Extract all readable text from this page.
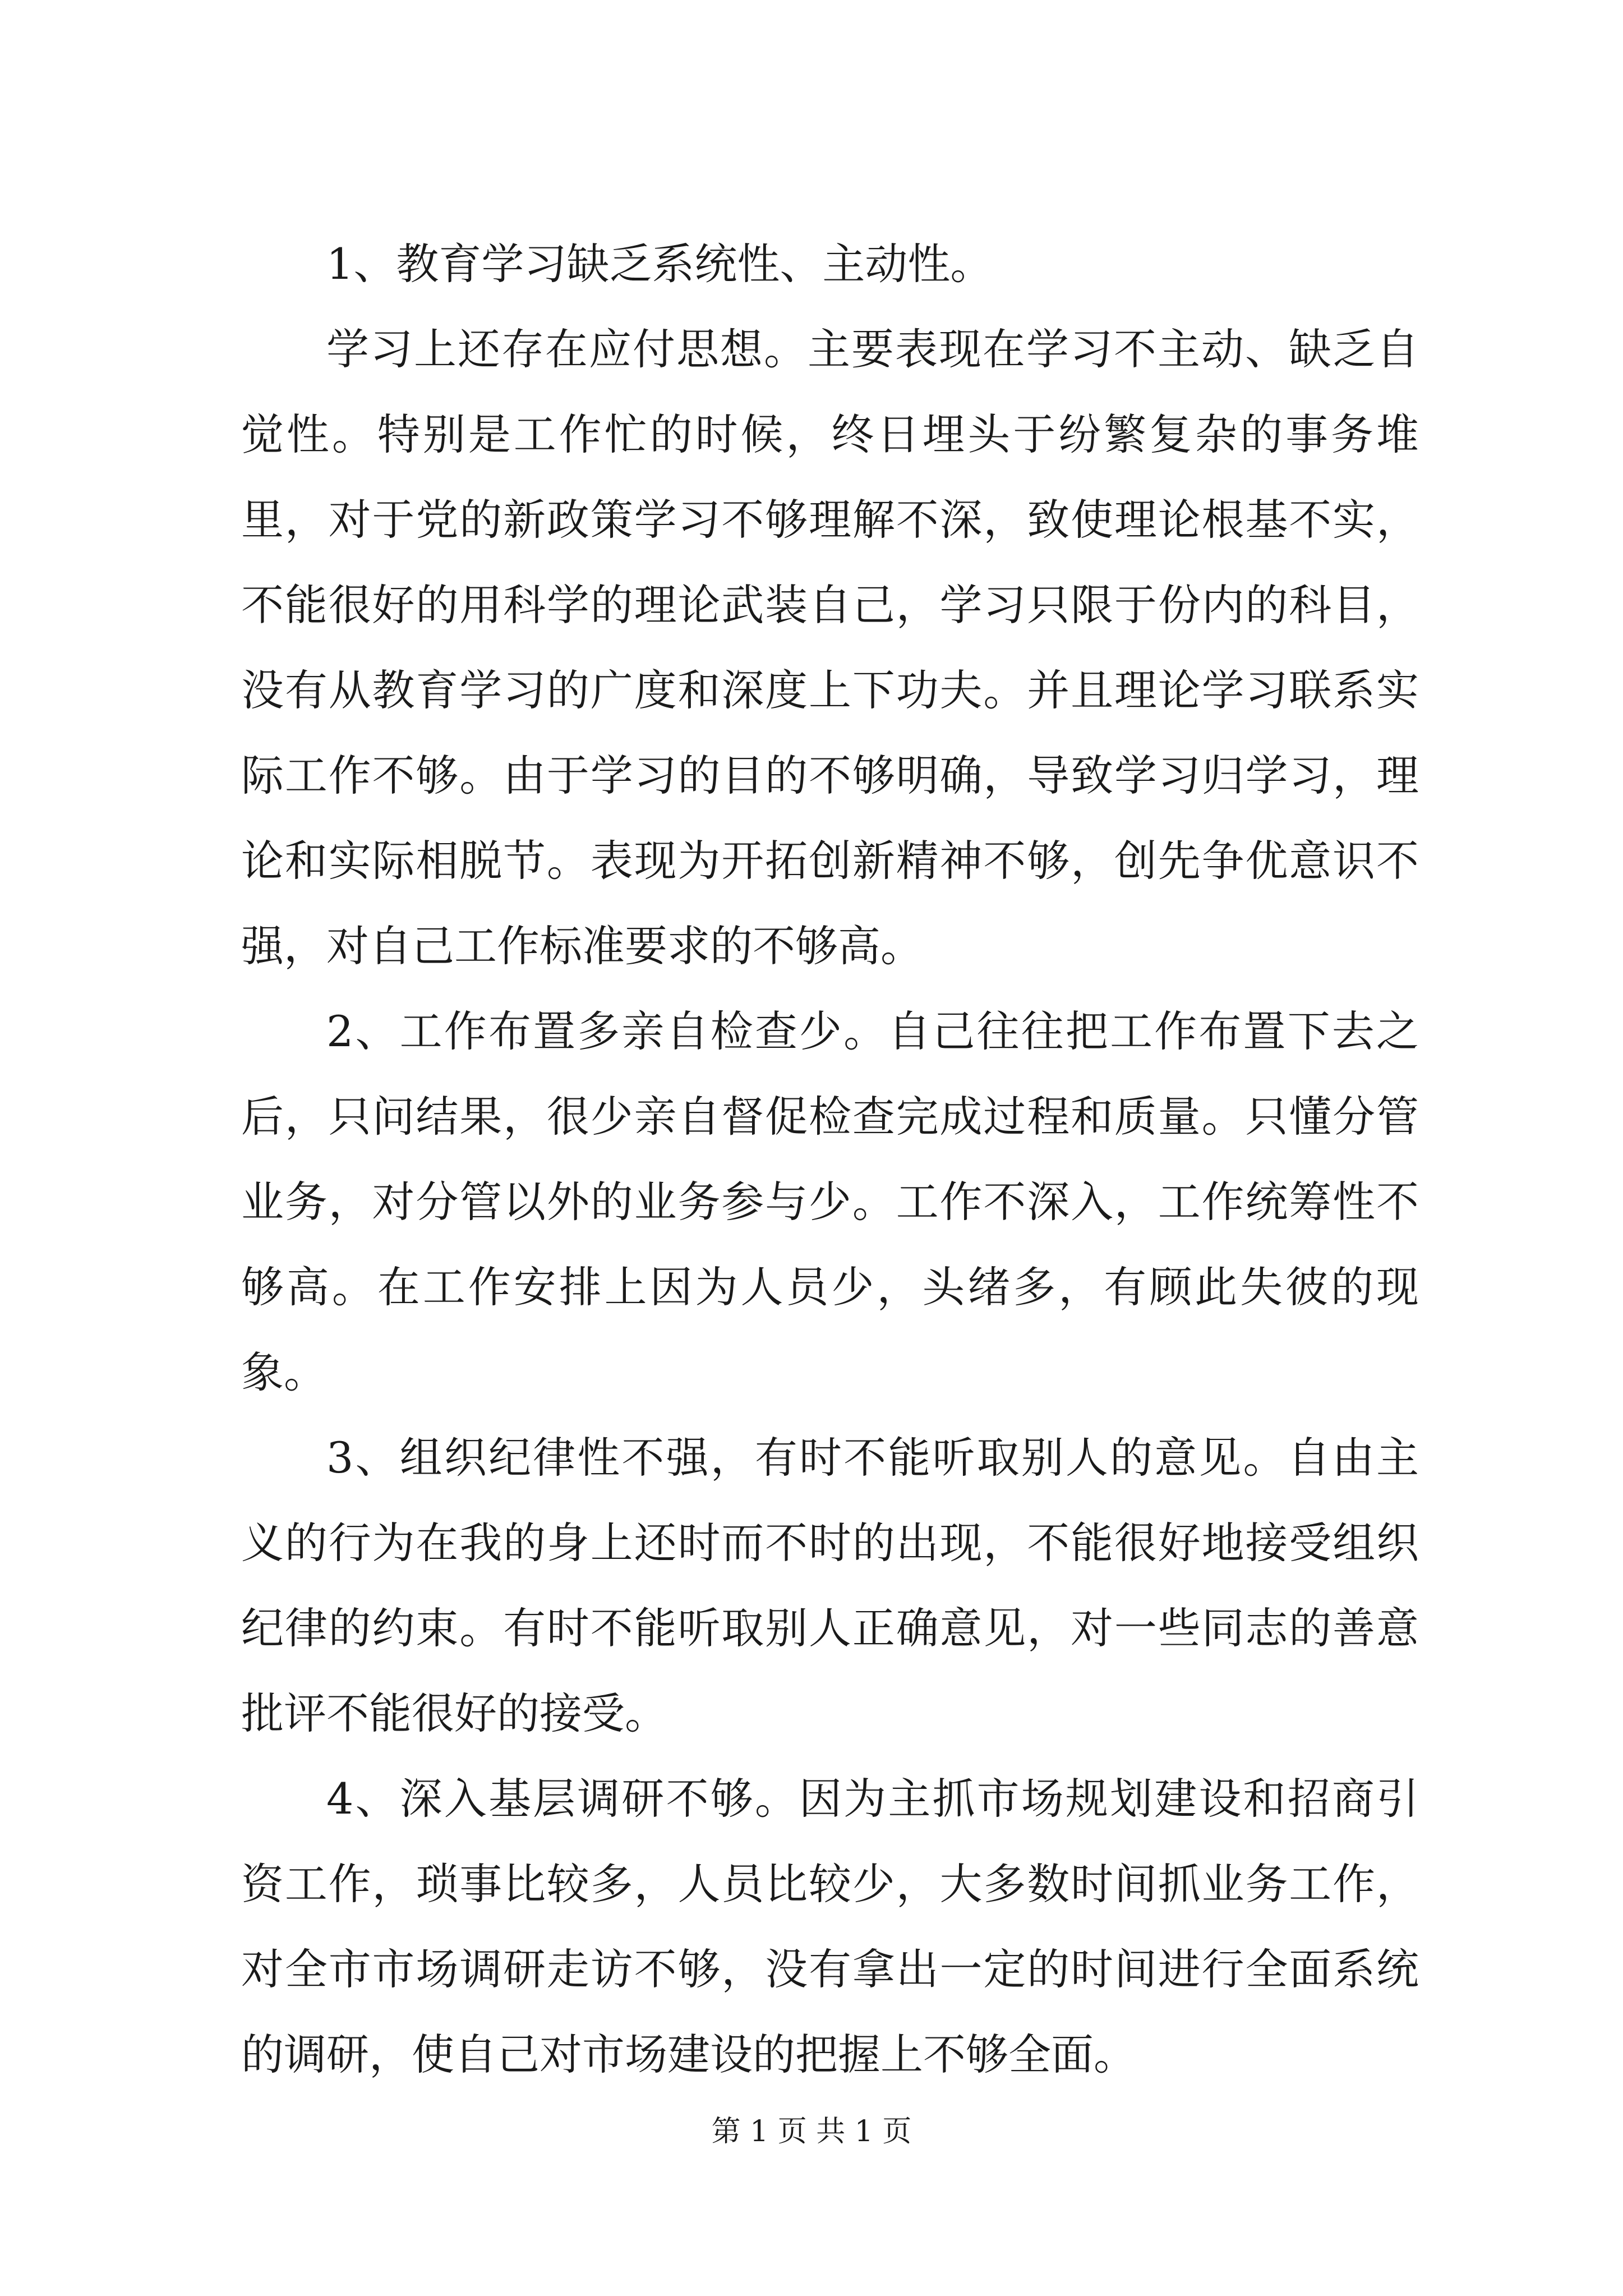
1、教育学习缺乏系统性、主动性。

学习上还存在应付思想。主要表现在学习不主动、缺乏自觉性。特别是工作忙的时候，终日埋头于纷繁复杂的事务堆里，对于党的新政策学习不够理解不深，致使理论根基不实，不能很好的用科学的理论武装自己，学习只限于份内的科目，没有从教育学习的广度和深度上下功夫。并且理论学习联系实际工作不够。由于学习的目的不够明确，导致学习归学习，理论和实际相脱节。表现为开拓创新精神不够，创先争优意识不强，对自己工作标准要求的不够高。

2、工作布置多亲自检查少。自己往往把工作布置下去之后，只问结果，很少亲自督促检查完成过程和质量。只懂分管业务，对分管以外的业务参与少。工作不深入，工作统筹性不够高。在工作安排上因为人员少，头绪多，有顾此失彼的现象。

3、组织纪律性不强，有时不能听取别人的意见。自由主义的行为在我的身上还时而不时的出现，不能很好地接受组织纪律的约束。有时不能听取别人正确意见，对一些同志的善意批评不能很好的接受。

4、深入基层调研不够。因为主抓市场规划建设和招商引资工作，琐事比较多，人员比较少，大多数时间抓业务工作，对全市市场调研走访不够，没有拿出一定的时间进行全面系统的调研，使自己对市场建设的把握上不够全面。

第 1 页 共 1 页
